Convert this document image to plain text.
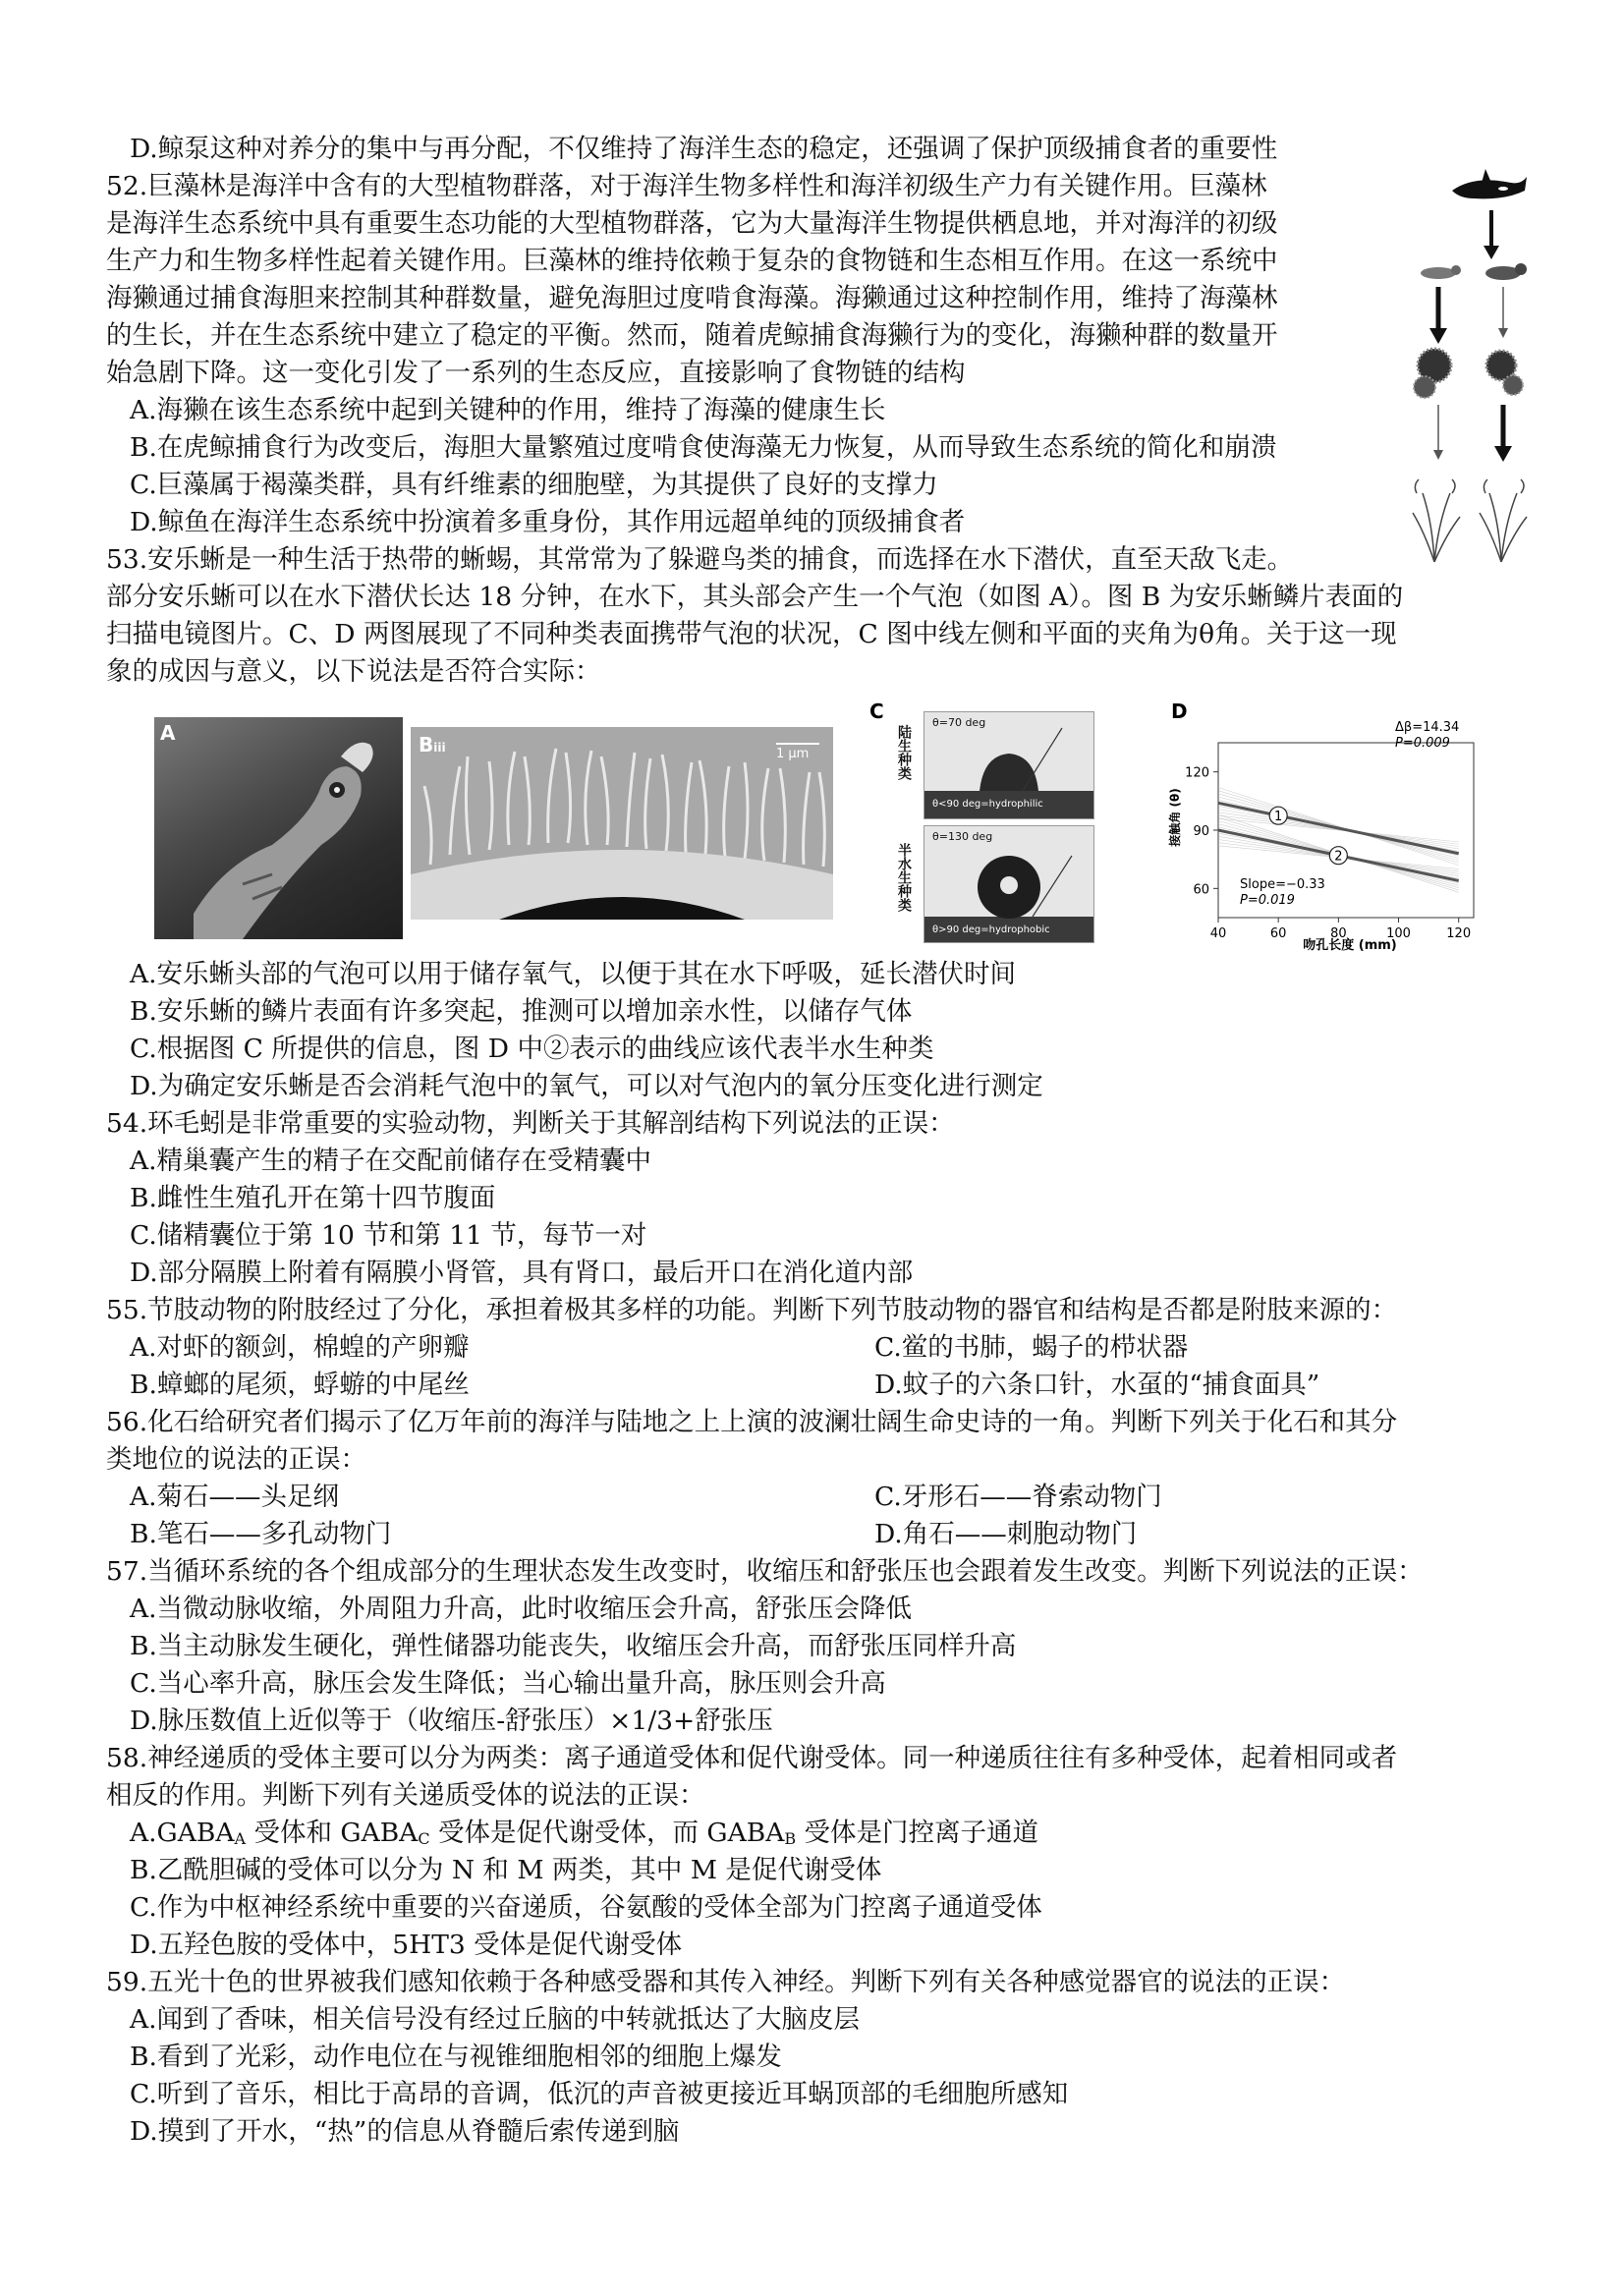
D.鲸泵这种对养分的集中与再分配，不仅维持了海洋生态的稳定，还强调了保护顶级捕食者的重要性
52.巨藻林是海洋中含有的大型植物群落，对于海洋生物多样性和海洋初级生产力有关键作用。巨藻林
是海洋生态系统中具有重要生态功能的大型植物群落，它为大量海洋生物提供栖息地，并对海洋的初级
生产力和生物多样性起着关键作用。巨藻林的维持依赖于复杂的食物链和生态相互作用。在这一系统中
海獭通过捕食海胆来控制其种群数量，避免海胆过度啃食海藻。海獭通过这种控制作用，维持了海藻林
的生长，并在生态系统中建立了稳定的平衡。然而，随着虎鲸捕食海獭行为的变化，海獭种群的数量开
始急剧下降。这一变化引发了一系列的生态反应，直接影响了食物链的结构
A.海獭在该生态系统中起到关键种的作用，维持了海藻的健康生长
B.在虎鲸捕食行为改变后，海胆大量繁殖过度啃食使海藻无力恢复，从而导致生态系统的简化和崩溃
C.巨藻属于褐藻类群，具有纤维素的细胞壁，为其提供了良好的支撑力
D.鲸鱼在海洋生态系统中扮演着多重身份，其作用远超单纯的顶级捕食者
53.安乐蜥是一种生活于热带的蜥蜴，其常常为了躲避鸟类的捕食，而选择在水下潜伏，直至天敌飞走。
部分安乐蜥可以在水下潜伏长达 18 分钟，在水下，其头部会产生一个气泡（如图 A）。图 B 为安乐蜥鳞片表面的
扫描电镜图片。C、D 两图展现了不同种类表面携带气泡的状况，C 图中线左侧和平面的夹角为θ角。关于这一现
象的成因与意义，以下说法是否符合实际：
A	Biii	1 μm
C	θ=70 deg
θ<90 deg=hydrophilic
陆生种类
θ=130 deg
θ>90 deg=hydrophobic
半水生种类
D
40	60	80	100	120
60
90
120
1
2
Δβ=14.34
P=0.009
Slope=−0.33
P=0.019
接触角 (θ)
吻孔长度 (mm)
A.安乐蜥头部的气泡可以用于储存氧气，以便于其在水下呼吸，延长潜伏时间
B.安乐蜥的鳞片表面有许多突起，推测可以增加亲水性，以储存气体
C.根据图 C 所提供的信息，图 D 中②表示的曲线应该代表半水生种类
D.为确定安乐蜥是否会消耗气泡中的氧气，可以对气泡内的氧分压变化进行测定
54.环毛蚓是非常重要的实验动物，判断关于其解剖结构下列说法的正误：
A.精巢囊产生的精子在交配前储存在受精囊中
B.雌性生殖孔开在第十四节腹面
C.储精囊位于第 10 节和第 11 节，每节一对
D.部分隔膜上附着有隔膜小肾管，具有肾口，最后开口在消化道内部
55.节肢动物的附肢经过了分化，承担着极其多样的功能。判断下列节肢动物的器官和结构是否都是附肢来源的：
A.对虾的额剑，棉蝗的产卵瓣	C.鲎的书肺，蝎子的栉状器
B.蟑螂的尾须，蜉蝣的中尾丝	D.蚊子的六条口针，水虿的“捕食面具”
56.化石给研究者们揭示了亿万年前的海洋与陆地之上上演的波澜壮阔生命史诗的一角。判断下列关于化石和其分
类地位的说法的正误：
A.菊石——头足纲	C.牙形石——脊索动物门
B.笔石——多孔动物门	D.角石——刺胞动物门
57.当循环系统的各个组成部分的生理状态发生改变时，收缩压和舒张压也会跟着发生改变。判断下列说法的正误：
A.当微动脉收缩，外周阻力升高，此时收缩压会升高，舒张压会降低
B.当主动脉发生硬化，弹性储器功能丧失，收缩压会升高，而舒张压同样升高
C.当心率升高，脉压会发生降低；当心输出量升高，脉压则会升高
D.脉压数值上近似等于（收缩压-舒张压）×1/3+舒张压
58.神经递质的受体主要可以分为两类：离子通道受体和促代谢受体。同一种递质往往有多种受体，起着相同或者
相反的作用。判断下列有关递质受体的说法的正误：
$A.GABA_A$ 受体和 $GABA_C$ 受体是促代谢受体，而 $GABA_B$ 受体是门控离子通道
B.乙酰胆碱的受体可以分为 N 和 M 两类，其中 M 是促代谢受体
C.作为中枢神经系统中重要的兴奋递质，谷氨酸的受体全部为门控离子通道受体
D.五羟色胺的受体中，5HT3 受体是促代谢受体
59.五光十色的世界被我们感知依赖于各种感受器和其传入神经。判断下列有关各种感觉器官的说法的正误：
A.闻到了香味，相关信号没有经过丘脑的中转就抵达了大脑皮层
B.看到了光彩，动作电位在与视锥细胞相邻的细胞上爆发
C.听到了音乐，相比于高昂的音调，低沉的声音被更接近耳蜗顶部的毛细胞所感知
D.摸到了开水，“热”的信息从脊髓后索传递到脑
